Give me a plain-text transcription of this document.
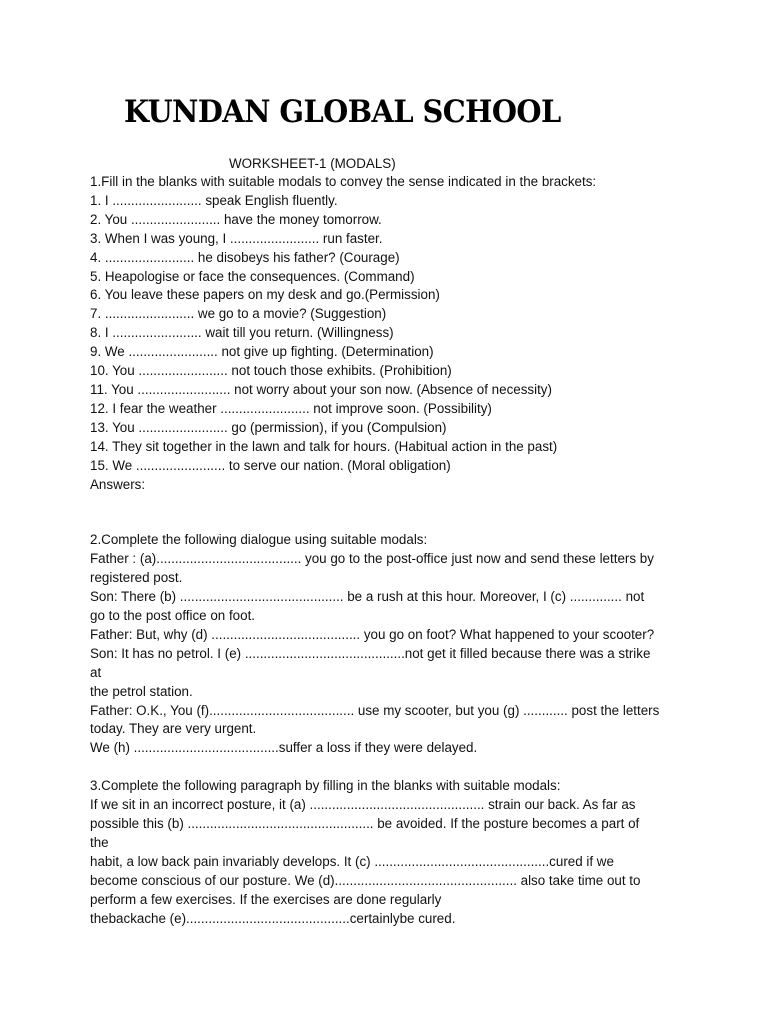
KUNDAN GLOBAL SCHOOL
WORKSHEET-1 (MODALS)
1.Fill in the blanks with suitable modals to convey the sense indicated in the brackets:
1. I ........................ speak English fluently.
2. You ........................ have the money tomorrow.
3. When I was young, I ........................ run faster.
4. ........................ he disobeys his father? (Courage)
5. Heapologise or face the consequences. (Command)
6. You leave these papers on my desk and go.(Permission)
7. ........................ we go to a movie? (Suggestion)
8. I ........................ wait till you return. (Willingness)
9. We ........................ not give up fighting. (Determination)
10. You ........................ not touch those exhibits. (Prohibition)
11. You ......................... not worry about your son now. (Absence of necessity)
12. I fear the weather ........................ not improve soon. (Possibility)
13. You ........................ go (permission), if you (Compulsion)
14. They sit together in the lawn and talk for hours. (Habitual action in the past)
15. We ........................ to serve our nation. (Moral obligation)
Answers:
2.Complete the following dialogue using suitable modals:
Father : (a)....................................... you go to the post-office just now and send these letters by
registered post.
Son: There (b) ............................................ be a rush at this hour. Moreover, I (c) .............. not
go to the post office on foot.
Father: But, why (d) ........................................ you go on foot? What happened to your scooter?
Son: It has no petrol. I (e) ...........................................not get it filled because there was a strike
at
the petrol station.
Father: O.K., You (f)....................................... use my scooter, but you (g) ............ post the letters
today. They are very urgent.
We (h) .......................................suffer a loss if they were delayed.
3.Complete the following paragraph by filling in the blanks with suitable modals:
If we sit in an incorrect posture, it (a) ............................................... strain our back. As far as
possible this (b) .................................................. be avoided. If the posture becomes a part of
the
habit, a low back pain invariably develops. It (c) ...............................................cured if we
become conscious of our posture. We (d)................................................. also take time out to
perform a few exercises. If the exercises are done regularly
thebackache (e)............................................certainlybe cured.
